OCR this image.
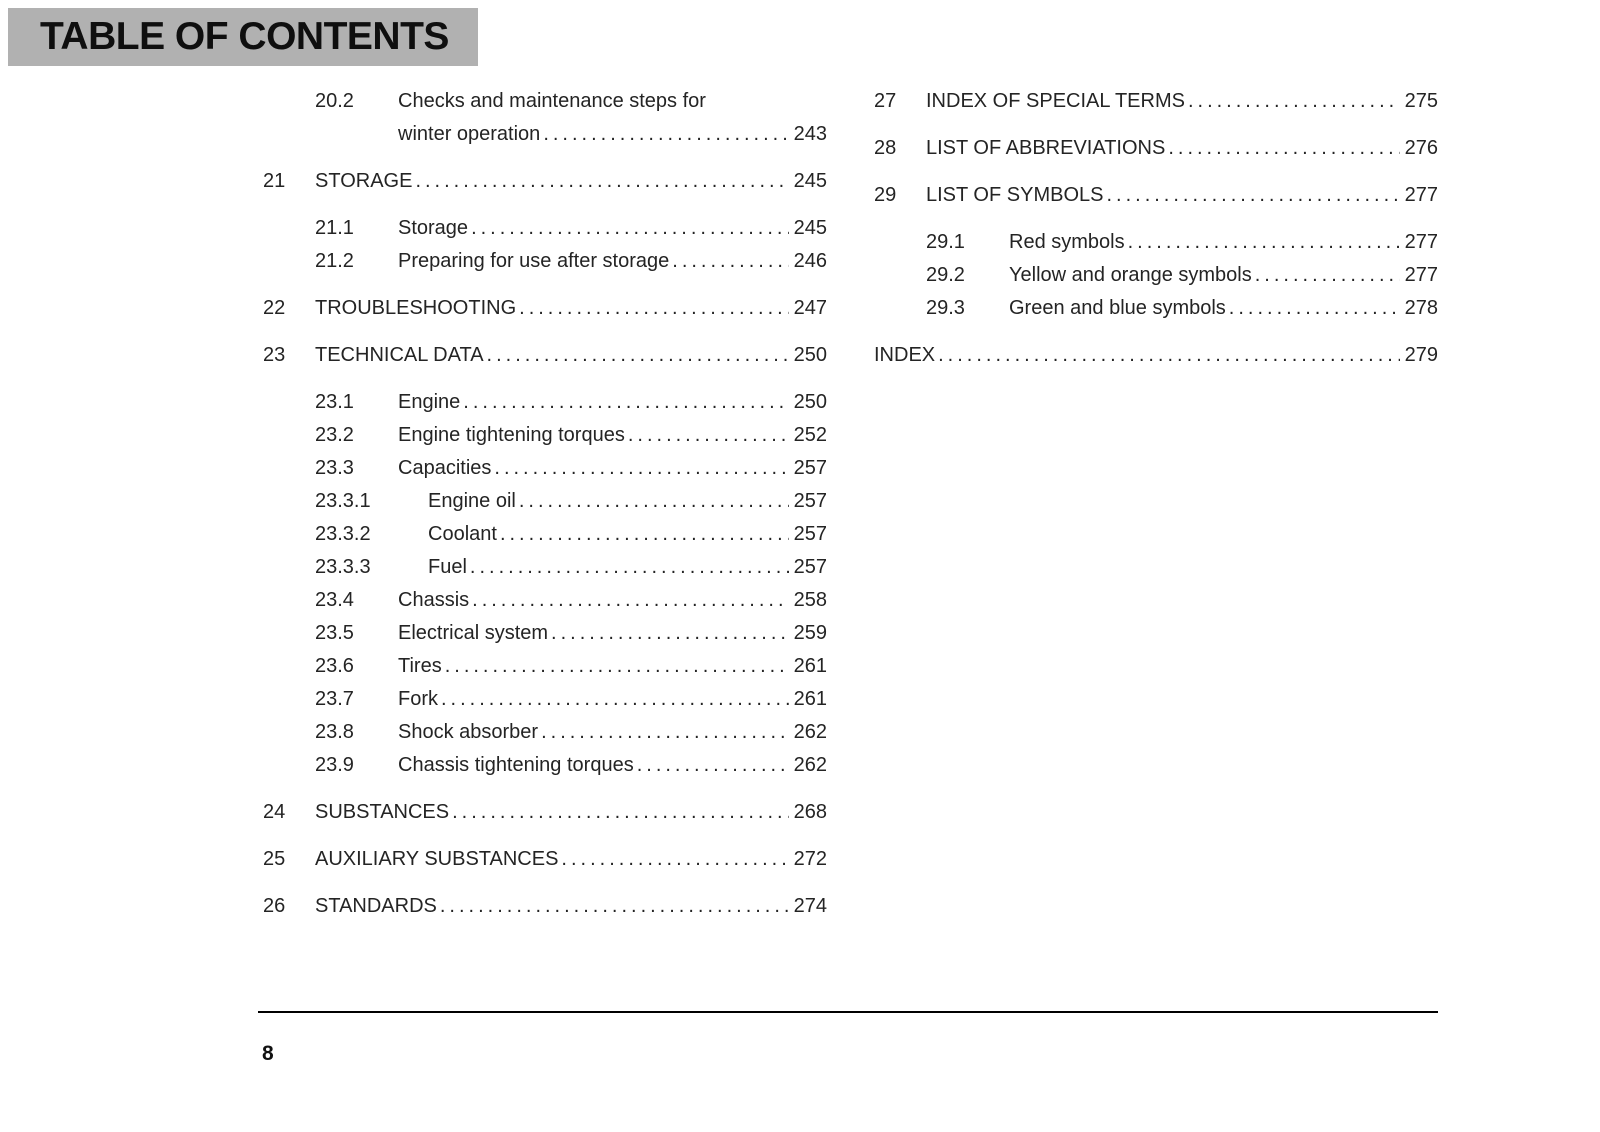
TABLE OF CONTENTS
20.2	Checks and maintenance steps for
winter operation .....	243
21	STORAGE .....	245
21.1	Storage .....	245
21.2	Preparing for use after storage .....	246
22	TROUBLESHOOTING .....	247
23	TECHNICAL DATA .....	250
23.1	Engine .....	250
23.2	Engine tightening torques .....	252
23.3	Capacities .....	257
23.3.1	Engine oil .....	257
23.3.2	Coolant .....	257
23.3.3	Fuel .....	257
23.4	Chassis .....	258
23.5	Electrical system .....	259
23.6	Tires .....	261
23.7	Fork .....	261
23.8	Shock absorber .....	262
23.9	Chassis tightening torques .....	262
24	SUBSTANCES .....	268
25	AUXILIARY SUBSTANCES .....	272
26	STANDARDS .....	274
27	INDEX OF SPECIAL TERMS .....	275
28	LIST OF ABBREVIATIONS .....	276
29	LIST OF SYMBOLS .....	277
29.1	Red symbols .....	277
29.2	Yellow and orange symbols .....	277
29.3	Green and blue symbols .....	278
INDEX .....	279
8
